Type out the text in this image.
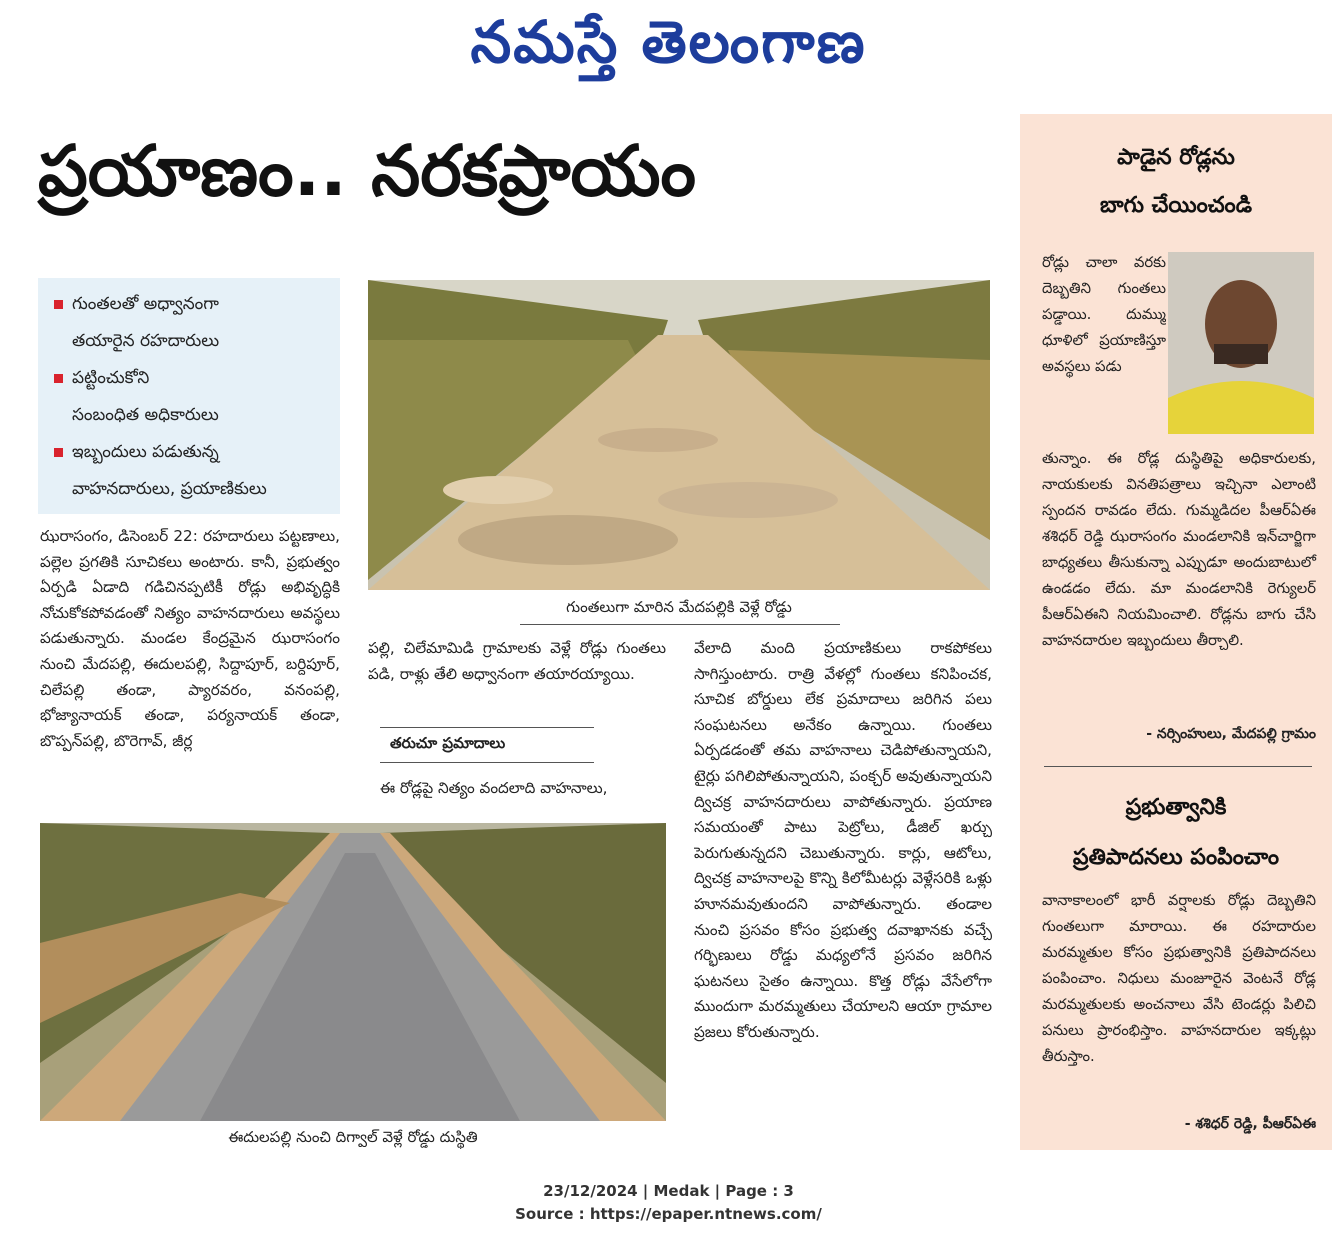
నమస్తే తెలంగాణ
ప్రయాణం.. నరకప్రాయం
గుంతలతో అధ్వానంగా
తయారైన రహదారులు
పట్టించుకోని
సంబంధిత అధికారులు
ఇబ్బందులు పడుతున్న
వాహనదారులు, ప్రయాణికులు
గుంతలుగా మారిన మేదపల్లికి వెళ్లే రోడ్డు

ఝరాసంగం, డిసెంబర్ 22: రహదారులు పట్టణాలు, పల్లెల ప్రగతికి సూచికలు అంటారు. కానీ, ప్రభుత్వం ఏర్పడి ఏడాది గడిచినప్పటికీ రోడ్లు అభివృద్ధికి నోచుకోకపోవడంతో నిత్యం వాహనదారులు అవస్థలు పడుతున్నారు. మండల కేంద్రమైన ఝరాసంగం నుంచి మేదపల్లి, ఈదులపల్లి, సిద్దాపూర్, బర్దిపూర్, చిలేపల్లి తండా, ప్యారవరం, వనంపల్లి, భోజ్యానాయక్ తండా, పర్యనాయక్ తండా, బొప్పన్‌పల్లి, బొరెగావ్, జీర్ల

పల్లి, చిలేమామిడి గ్రామాలకు వెళ్లే రోడ్లు గుంతలు పడి, రాళ్లు తేలి అధ్వానంగా తయారయ్యాయి.

తరుచూ ప్రమాదాలు

ఈ రోడ్లపై నిత్యం వందలాది వాహనాలు,

వేలాది మంది ప్రయాణికులు రాకపోకలు సాగిస్తుంటారు. రాత్రి వేళల్లో గుంతలు కనిపించక, సూచిక బోర్డులు లేక ప్రమాదాలు జరిగిన పలు సంఘటనలు అనేకం ఉన్నాయి. గుంతలు ఏర్పడడంతో తమ వాహనాలు చెడిపోతున్నాయని, టైర్లు పగిలిపోతున్నాయని, పంక్చర్ అవుతున్నాయని ద్విచక్ర వాహనదారులు వాపోతున్నారు. ప్రయాణ సమయంతో పాటు పెట్రోలు, డీజిల్ ఖర్చు పెరుగుతున్నదని చెబుతున్నారు. కార్లు, ఆటోలు, ద్విచక్ర వాహనాలపై కొన్ని కిలోమీటర్లు వెళ్లేసరికి ఒళ్లు హూనమవుతుందని వాపోతున్నారు. తండాల నుంచి ప్రసవం కోసం ప్రభుత్వ దవాఖానకు వచ్చే గర్భిణులు రోడ్డు మధ్యలోనే ప్రసవం జరిగిన ఘటనలు సైతం ఉన్నాయి. కొత్త రోడ్లు వేసేలోగా ముందుగా మరమ్మతులు చేయాలని ఆయా గ్రామాల ప్రజలు కోరుతున్నారు.

ఈదులపల్లి నుంచి దిగ్వాల్ వెళ్లే రోడ్డు దుస్థితి
పాడైన రోడ్లను
బాగు చేయించండి
రోడ్లు చాలా వరకు దెబ్బతిని గుంతలు పడ్డాయి. దుమ్ము ధూళిలో ప్రయాణిస్తూ అవస్థలు పడు
తున్నాం. ఈ రోడ్ల దుస్థితిపై అధికారులకు, నాయకులకు వినతిపత్రాలు ఇచ్చినా ఎలాంటి స్పందన రావడం లేదు. గుమ్మడిదల పీఆర్ఏఈ శశిధర్ రెడ్డి ఝరాసంగం మండలానికి ఇన్‌చార్జిగా బాధ్యతలు తీసుకున్నా ఎప్పుడూ అందుబాటులో ఉండడం లేదు. మా మండలానికి రెగ్యులర్ పీఆర్ఏఈని నియమించాలి. రోడ్లను బాగు చేసి వాహనదారుల ఇబ్బందులు తీర్చాలి.
- నర్సింహులు, మేదపల్లి గ్రామం
ప్రభుత్వానికి
ప్రతిపాదనలు పంపించాం
వానాకాలంలో భారీ వర్షాలకు రోడ్లు దెబ్బతిని గుంతలుగా మారాయి. ఈ రహదారుల మరమ్మతుల కోసం ప్రభుత్వానికి ప్రతిపాదనలు పంపించాం. నిధులు మంజూరైన వెంటనే రోడ్ల మరమ్మతులకు అంచనాలు వేసి టెండర్లు పిలిచి పనులు ప్రారంభిస్తాం. వాహనదారుల ఇక్కట్లు తీరుస్తాం.
- శశిధర్ రెడ్డి, పీఆర్ఏఈ
23/12/2024 | Medak | Page : 3
Source : https://epaper.ntnews.com/
